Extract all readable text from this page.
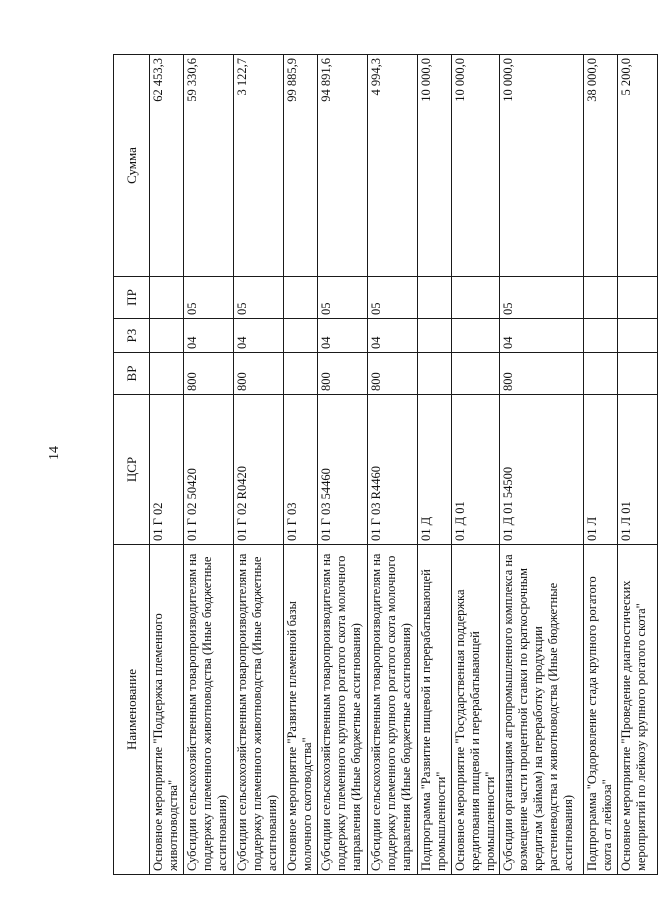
14
Наименование	ЦСР	ВР	РЗ	ПР	Сумма
Основное мероприятие "Поддержка племенного животноводства"	01 Г 02				62 453,3
Субсидии сельскохозяйственным товаропроизводителям на поддержку племенного животноводства (Иные бюджетные ассигнования)	01 Г 02 50420	800	04	05	59 330,6
Субсидии сельскохозяйственным товаропроизводителям на поддержку племенного животноводства (Иные бюджетные ассигнования)	01 Г 02 R0420	800	04	05	3 122,7
Основное мероприятие "Развитие племенной базы молочного скотоводства"	01 Г 03				99 885,9
Субсидии сельскохозяйственным товаропроизводителям на поддержку племенного крупного рогатого скота молочного направления (Иные бюджетные ассигнования)	01 Г 03 54460	800	04	05	94 891,6
Субсидии сельскохозяйственным товаропроизводителям на поддержку племенного крупного рогатого скота молочного направления (Иные бюджетные ассигнования)	01 Г 03 R4460	800	04	05	4 994,3
Подпрограмма "Развитие пищевой и перерабатывающей промышленности"	01 Д				10 000,0
Основное мероприятие "Государственная поддержка кредитования пищевой и перерабатывающей промышленности"	01 Д 01				10 000,0
Субсидии организациям агропромышленного комплекса на возмещение части процентной ставки по краткосрочным кредитам (займам) на переработку продукции растениеводства и животноводства (Иные бюджетные ассигнования)	01 Д 01 54500	800	04	05	10 000,0
Подпрограмма "Оздоровление стада крупного рогатого скота от лейкоза"	01 Л				38 000,0
Основное мероприятие "Проведение диагностических мероприятий по лейкозу крупного рогатого скота"	01 Л 01				5 200,0
